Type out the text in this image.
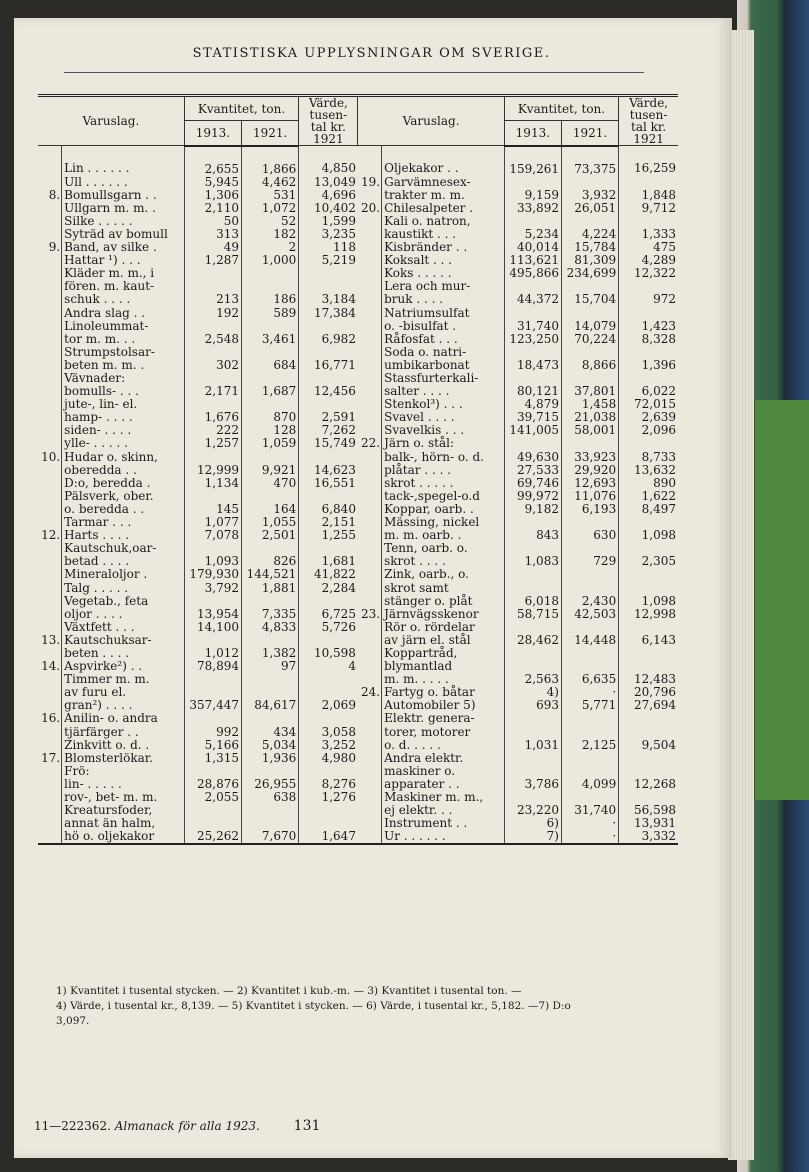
STATISTISKA UPPLYSNINGAR OM SVERIGE.
Varuslag.		Kvantitet, ton.		Värde,
tusen-
tal kr.
1921	Varuslag.		Kvantitet, ton.		Värde,
tusen-
tal kr.
1921
		1913.	1921.				1913.	1921.	
	Lin . . . . . .	2,655	1,866	4,850		Oljekakor . .	159,261	73,375	16,259
	Ull . . . . . .	5,945	4,462	13,049	19.	Garvämnesex-			
8.	Bomullsgarn . .	1,306	531	4,696		trakter m. m.	9,159	3,932	1,848
	Ullgarn m. m. .	2,110	1,072	10,402	20.	Chilesalpeter .	33,892	26,051	9,712
	Silke . . . . .	50	52	1,599		Kali o. natron,			
	Syträd av bomull	313	182	3,235		kaustikt . . .	5,234	4,224	1,333
9.	Band, av silke .	49	2	118		Kisbränder . .	40,014	15,784	475
	Hattar ¹) . . .	1,287	1,000	5,219		Koksalt . . .	113,621	81,309	4,289
	Kläder m. m., i					Koks . . . . .	495,866	234,699	12,322
	fören. m. kaut-					Lera och mur-			
	schuk . . . .	213	186	3,184		bruk . . . .	44,372	15,704	972
	Andra slag . .	192	589	17,384		Natriumsulfat			
	Linoleummat-					o. -bisulfat .	31,740	14,079	1,423
	tor m. m. . .	2,548	3,461	6,982		Råfosfat . . .	123,250	70,224	8,328
	Strumpstolsar-					Soda o. natri-			
	beten m. m. .	302	684	16,771		umbikarbonat	18,473	8,866	1,396
	Vävnader:					Stassfurterkali-			
	bomulls- . . .	2,171	1,687	12,456		salter . . . .	80,121	37,801	6,022
	jute-, lin- el.					Stenkol³) . . .	4,879	1,458	72,015
	hamp- . . . .	1,676	870	2,591		Svavel . . . .	39,715	21,038	2,639
	siden- . . . .	222	128	7,262		Svavelkis . . .	141,005	58,001	2,096
	ylle- . . . . .	1,257	1,059	15,749	22.	Järn o. stål:			
10.	Hudar o. skinn,					balk-, hörn- o. d.	49,630	33,923	8,733
	oberedda . .	12,999	9,921	14,623		plåtar . . . .	27,533	29,920	13,632
	D:o, beredda .	1,134	470	16,551		skrot . . . . .	69,746	12,693	890
	Pälsverk, ober.					tack-,spegel-o.d	99,972	11,076	1,622
	o. beredda . .	145	164	6,840		Koppar, oarb. .	9,182	6,193	8,497
	Tarmar . . .	1,077	1,055	2,151		Mässing, nickel			
12.	Harts . . . .	7,078	2,501	1,255		m. m. oarb. .	843	630	1,098
	Kautschuk,oar-					Tenn, oarb. o.			
	betad . . . .	1,093	826	1,681		skrot . . . .	1,083	729	2,305
	Mineraloljor .	179,930	144,521	41,822		Zink, oarb., o.			
	Talg . . . . .	3,792	1,881	2,284		skrot samt			
	Vegetab., feta					stänger o. plåt	6,018	2,430	1,098
	oljor . . . .	13,954	7,335	6,725	23.	Järnvägsskenor	58,715	42,503	12,998
	Växtfett . . .	14,100	4,833	5,726		Rör o. rördelar			
13.	Kautschuksar-					av järn el. stål	28,462	14,448	6,143
	beten . . . .	1,012	1,382	10,598		Koppartråd,			
14.	Aspvirke²) . .	78,894	97	4		blymantlad			
	Timmer m. m.					m. m. . . . .	2,563	6,635	12,483
	av furu el.				24.	Fartyg o. båtar	4)	·	20,796
	gran²) . . . .	357,447	84,617	2,069		Automobiler 5)	693	5,771	27,694
16.	Anilin- o. andra					Elektr. genera-			
	tjärfärger . .	992	434	3,058		torer, motorer			
	Zinkvitt o. d. .	5,166	5,034	3,252		o. d. . . . .	1,031	2,125	9,504
17.	Blomsterlökar.	1,315	1,936	4,980		Andra elektr.			
	Frö:					maskiner o.			
	lin- . . . . .	28,876	26,955	8,276		apparater . .	3,786	4,099	12,268
	rov-, bet- m. m.	2,055	638	1,276		Maskiner m. m.,			
	Kreatursfoder,					ej elektr. . .	23,220	31,740	56,598
	annat än halm,					Instrument . .	6)	·	13,931
	hö o. oljekakor	25,262	7,670	1,647		Ur . . . . . .	7)	·	3,332
1) Kvantitet i tusental stycken. — 2) Kvantitet i kub.-m. — 3) Kvantitet i tusental ton. —
4) Värde, i tusental kr., 8,139. — 5) Kvantitet i stycken. — 6) Värde, i tusental kr., 5,182. —7) D:o
3,097.
11—222362. Almanack för alla 1923. 131
